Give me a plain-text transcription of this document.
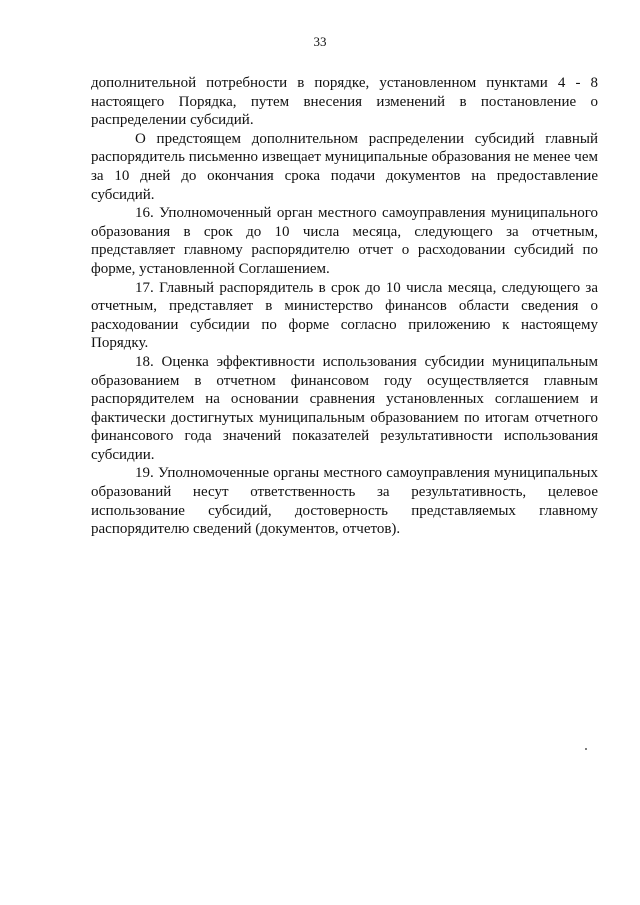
33

дополнительной потребности в порядке, установленном пунктами 4 - 8 настоящего Порядка, путем внесения изменений в постановление о распределении субсидий.

О предстоящем дополнительном распределении субсидий главный распорядитель письменно извещает муниципальные образования не менее чем за 10 дней до окончания срока подачи документов на предоставление субсидий.

16. Уполномоченный орган местного самоуправления муниципального образования в срок до 10 числа месяца, следующего за отчетным, представляет главному распорядителю отчет о расходовании субсидий по форме, установленной Соглашением.

17. Главный распорядитель в срок до 10 числа месяца, следующего за отчетным, представляет в министерство финансов области сведения о расходовании субсидии по форме согласно приложению к настоящему Порядку.

18. Оценка эффективности использования субсидии муниципальным образованием в отчетном финансовом году осуществляется главным распорядителем на основании сравнения установленных соглашением и фактически достигнутых муниципальным образованием по итогам отчетного финансового года значений показателей результативности использования субсидии.

19. Уполномоченные органы местного самоуправления муниципальных образований несут ответственность за результативность, целевое использование субсидий, достоверность представляемых главному распорядителю сведений (документов, отчетов).
